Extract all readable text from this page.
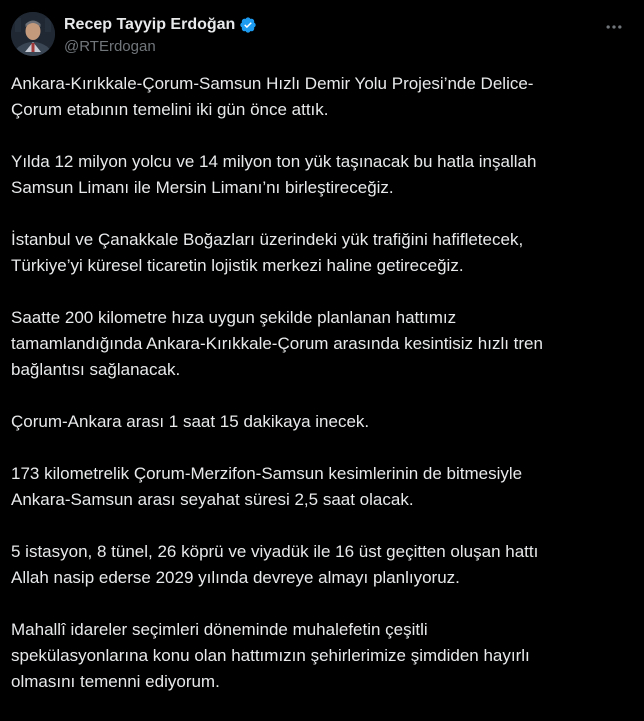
Recep Tayyip Erdoğan
@RTErdogan

Ankara-Kırıkkale-Çorum-Samsun Hızlı Demir Yolu Projesi’nde Delice-
Çorum etabının temelini iki gün önce attık.

Yılda 12 milyon yolcu ve 14 milyon ton yük taşınacak bu hatla inşallah
Samsun Limanı ile Mersin Limanı’nı birleştireceğiz.

İstanbul ve Çanakkale Boğazları üzerindeki yük trafiğini hafifletecek,
Türkiye’yi küresel ticaretin lojistik merkezi haline getireceğiz.

Saatte 200 kilometre hıza uygun şekilde planlanan hattımız
tamamlandığında Ankara-Kırıkkale-Çorum arasında kesintisiz hızlı tren
bağlantısı sağlanacak.

Çorum-Ankara arası 1 saat 15 dakikaya inecek.

173 kilometrelik Çorum-Merzifon-Samsun kesimlerinin de bitmesiyle
Ankara-Samsun arası seyahat süresi 2,5 saat olacak.

5 istasyon, 8 tünel, 26 köprü ve viyadük ile 16 üst geçitten oluşan hattı
Allah nasip ederse 2029 yılında devreye almayı planlıyoruz.

Mahallî idareler seçimleri döneminde muhalefetin çeşitli
spekülasyonlarına konu olan hattımızın şehirlerimize şimdiden hayırlı
olmasını temenni ediyorum.
